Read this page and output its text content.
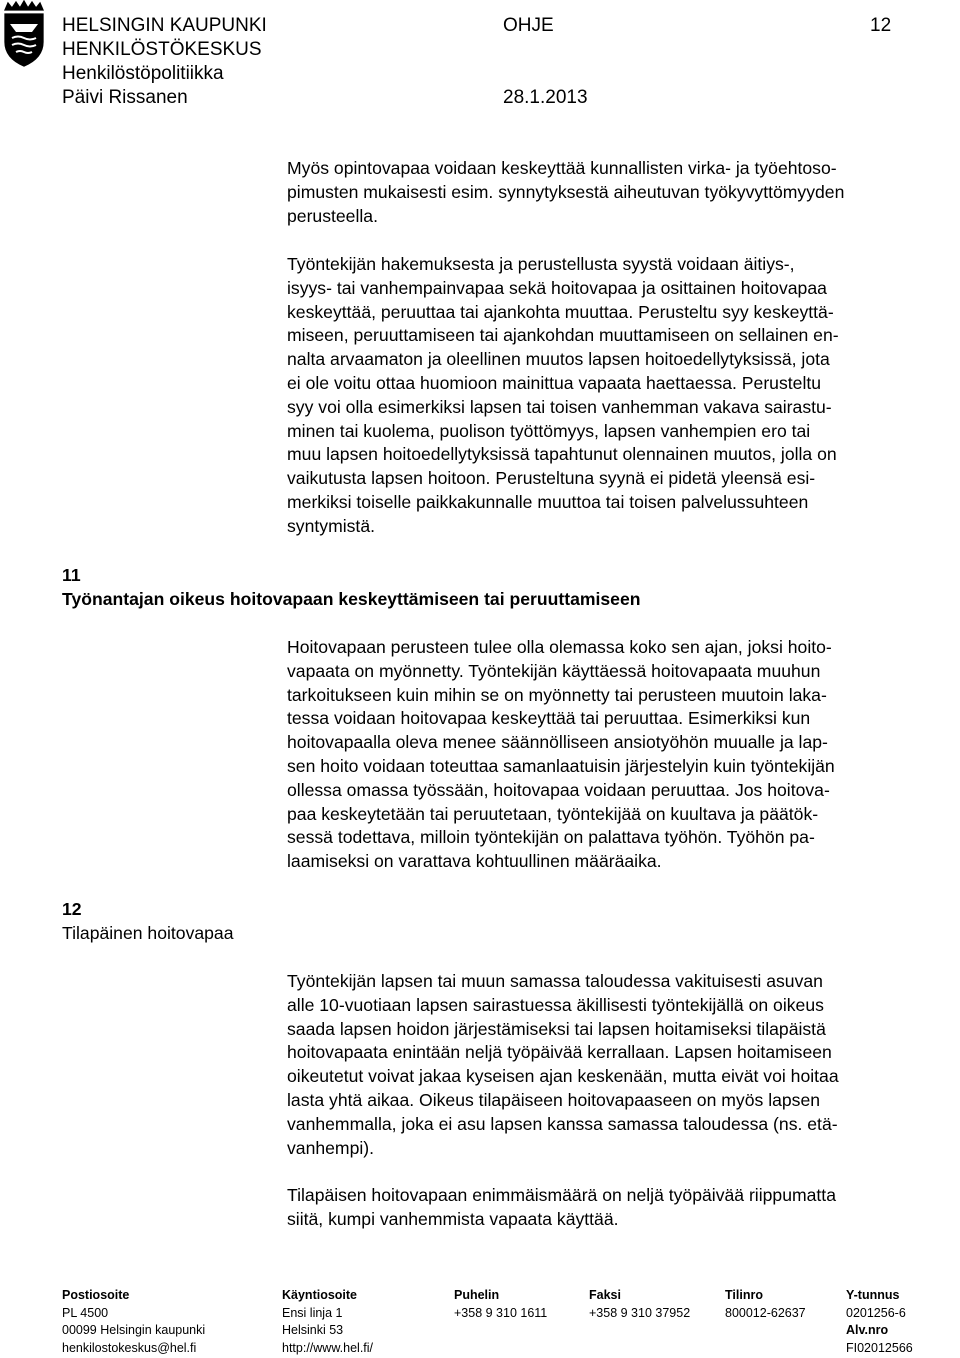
HELSINGIN KAUPUNKI
HENKILÖSTÖKESKUS
Henkilöstöpolitiikka
Päivi Rissanen
OHJE	12
28.1.2013
Myös opintovapaa voidaan keskeyttää kunnallisten virka- ja työehtoso-
pimusten mukaisesti esim. synnytyksestä aiheutuvan työkyvyttömyyden
perusteella.
Työntekijän hakemuksesta ja perustellusta syystä voidaan äitiys-,
isyys- tai vanhempainvapaa sekä hoitovapaa ja osittainen hoitovapaa
keskeyttää, peruuttaa tai ajankohta muuttaa. Perusteltu syy keskeyttä-
miseen, peruuttamiseen tai ajankohdan muuttamiseen on sellainen en-
nalta arvaamaton ja oleellinen muutos lapsen hoitoedellytyksissä, jota
ei ole voitu ottaa huomioon mainittua vapaata haettaessa. Perusteltu
syy voi olla esimerkiksi lapsen tai toisen vanhemman vakava sairastu-
minen tai kuolema, puolison työttömyys, lapsen vanhempien ero tai
muu lapsen hoitoedellytyksissä tapahtunut olennainen muutos, jolla on
vaikutusta lapsen hoitoon. Perusteltuna syynä ei pidetä yleensä esi-
merkiksi toiselle paikkakunnalle muuttoa tai toisen palvelussuhteen
syntymistä.
11
Työnantajan oikeus hoitovapaan keskeyttämiseen tai peruuttamiseen
Hoitovapaan perusteen tulee olla olemassa koko sen ajan, joksi hoito-
vapaata on myönnetty. Työntekijän käyttäessä hoitovapaata muuhun
tarkoitukseen kuin mihin se on myönnetty tai perusteen muutoin laka-
tessa voidaan hoitovapaa keskeyttää tai peruuttaa. Esimerkiksi kun
hoitovapaalla oleva menee säännölliseen ansiotyöhön muualle ja lap-
sen hoito voidaan toteuttaa samanlaatuisin järjestelyin kuin työntekijän
ollessa omassa työssään, hoitovapaa voidaan peruuttaa. Jos hoitova-
paa keskeytetään tai peruutetaan, työntekijää on kuultava ja päätök-
sessä todettava, milloin työntekijän on palattava työhön. Työhön pa-
laamiseksi on varattava kohtuullinen määräaika.
12
Tilapäinen hoitovapaa
Työntekijän lapsen tai muun samassa taloudessa vakituisesti asuvan
alle 10-vuotiaan lapsen sairastuessa äkillisesti työntekijällä on oikeus
saada lapsen hoidon järjestämiseksi tai lapsen hoitamiseksi tilapäistä
hoitovapaata enintään neljä työpäivää kerrallaan. Lapsen hoitamiseen
oikeutetut voivat jakaa kyseisen ajan keskenään, mutta eivät voi hoitaa
lasta yhtä aikaa. Oikeus tilapäiseen hoitovapaaseen on myös lapsen
vanhemmalla, joka ei asu lapsen kanssa samassa taloudessa (ns. etä-
vanhempi).
Tilapäisen hoitovapaan enimmäismäärä on neljä työpäivää riippumatta
siitä, kumpi vanhemmista vapaata käyttää.
Postiosoite
PL 4500
00099 Helsingin kaupunki
henkilostokeskus@hel.fi
Käyntiosoite
Ensi linja 1
Helsinki 53
http://www.hel.fi/
Puhelin
+358 9 310 1611
Faksi
+358 9 310 37952
Tilinro
800012-62637
Y-tunnus
0201256-6
Alv.nro
FI02012566
